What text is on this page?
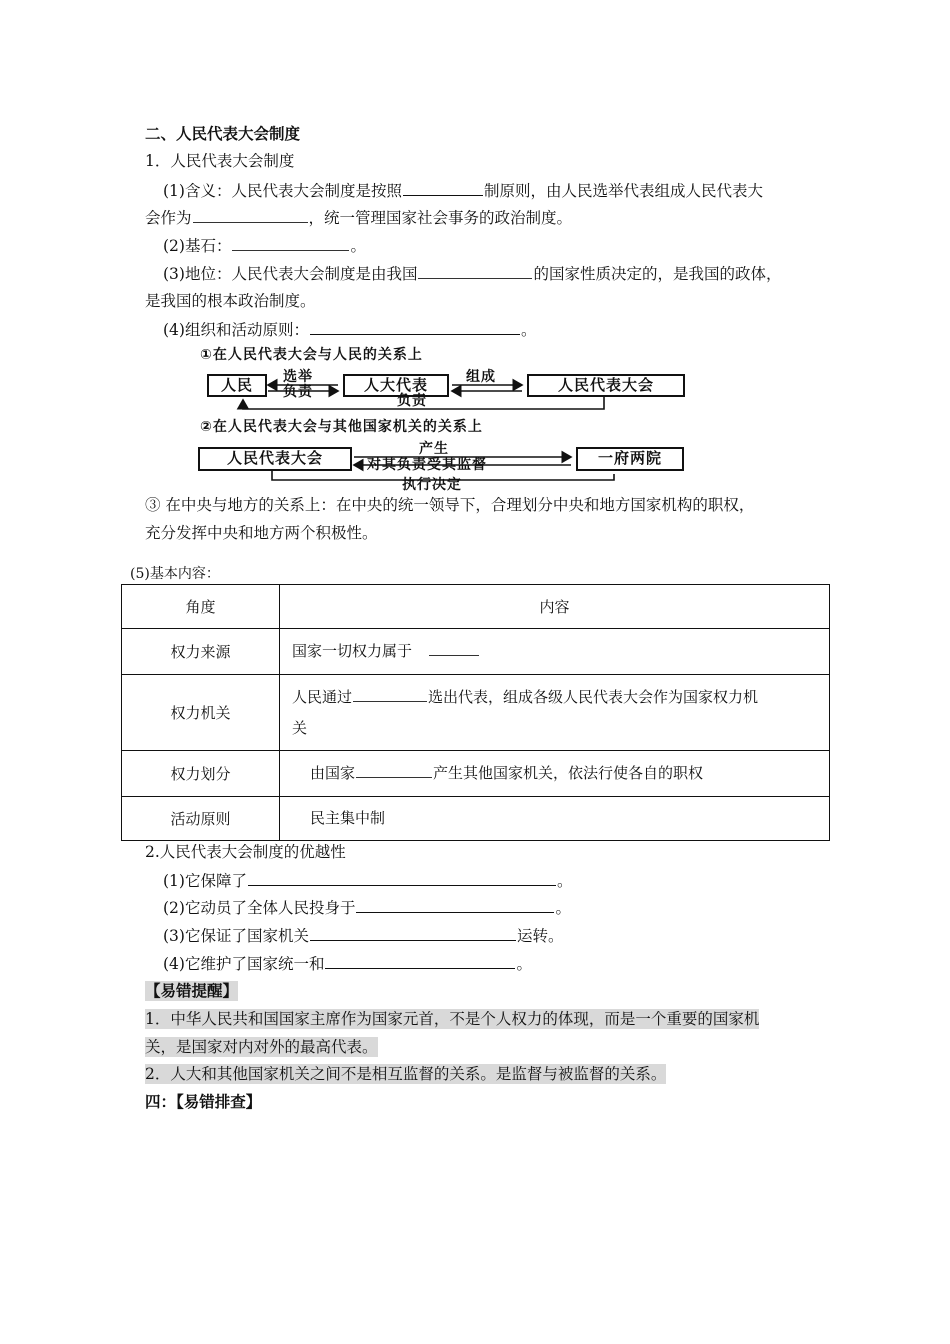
二、人民代表大会制度
1．人民代表大会制度
(1)含义：人民代表大会制度是按照	制原则，由人民选举代表组成人民代表大
会作为	，统一管理国家社会事务的政治制度。
(2)基石：	。
(3)地位：人民代表大会制度是由我国	的国家性质决定的，是我国的政体，
是我国的根本政治制度。
(4)组织和活动原则：	。
①在人民代表大会与人民的关系上
人民	人大代表	人民代表大会
选举
负责
组成
负责
②在人民代表大会与其他国家机关的关系上
人民代表大会	一府两院
产生
对其负责受其监督
执行决定
③ 在中央与地方的关系上：在中央的统一领导下，合理划分中央和地方国家机构的职权，
充分发挥中央和地方两个积极性。
(5)基本内容：
角度	内容
权力来源	国家一切权力属于
权力机关	人民通过 选出代表，组成各级人民代表大会作为国家权力机
关
权力划分	由国家 产生其他国家机关，依法行使各自的职权
活动原则	民主集中制
2.人民代表大会制度的优越性
(1)它保障了	。
(2)它动员了全体人民投身于	。
(3)它保证了国家机关	运转。
(4)它维护了国家统一和	。
【易错提醒】
1．中华人民共和国国家主席作为国家元首，不是个人权力的体现，而是一个重要的国家机
关，是国家对内对外的最高代表。
2．人大和其他国家机关之间不是相互监督的关系。是监督与被监督的关系。
四：【易错排查】
